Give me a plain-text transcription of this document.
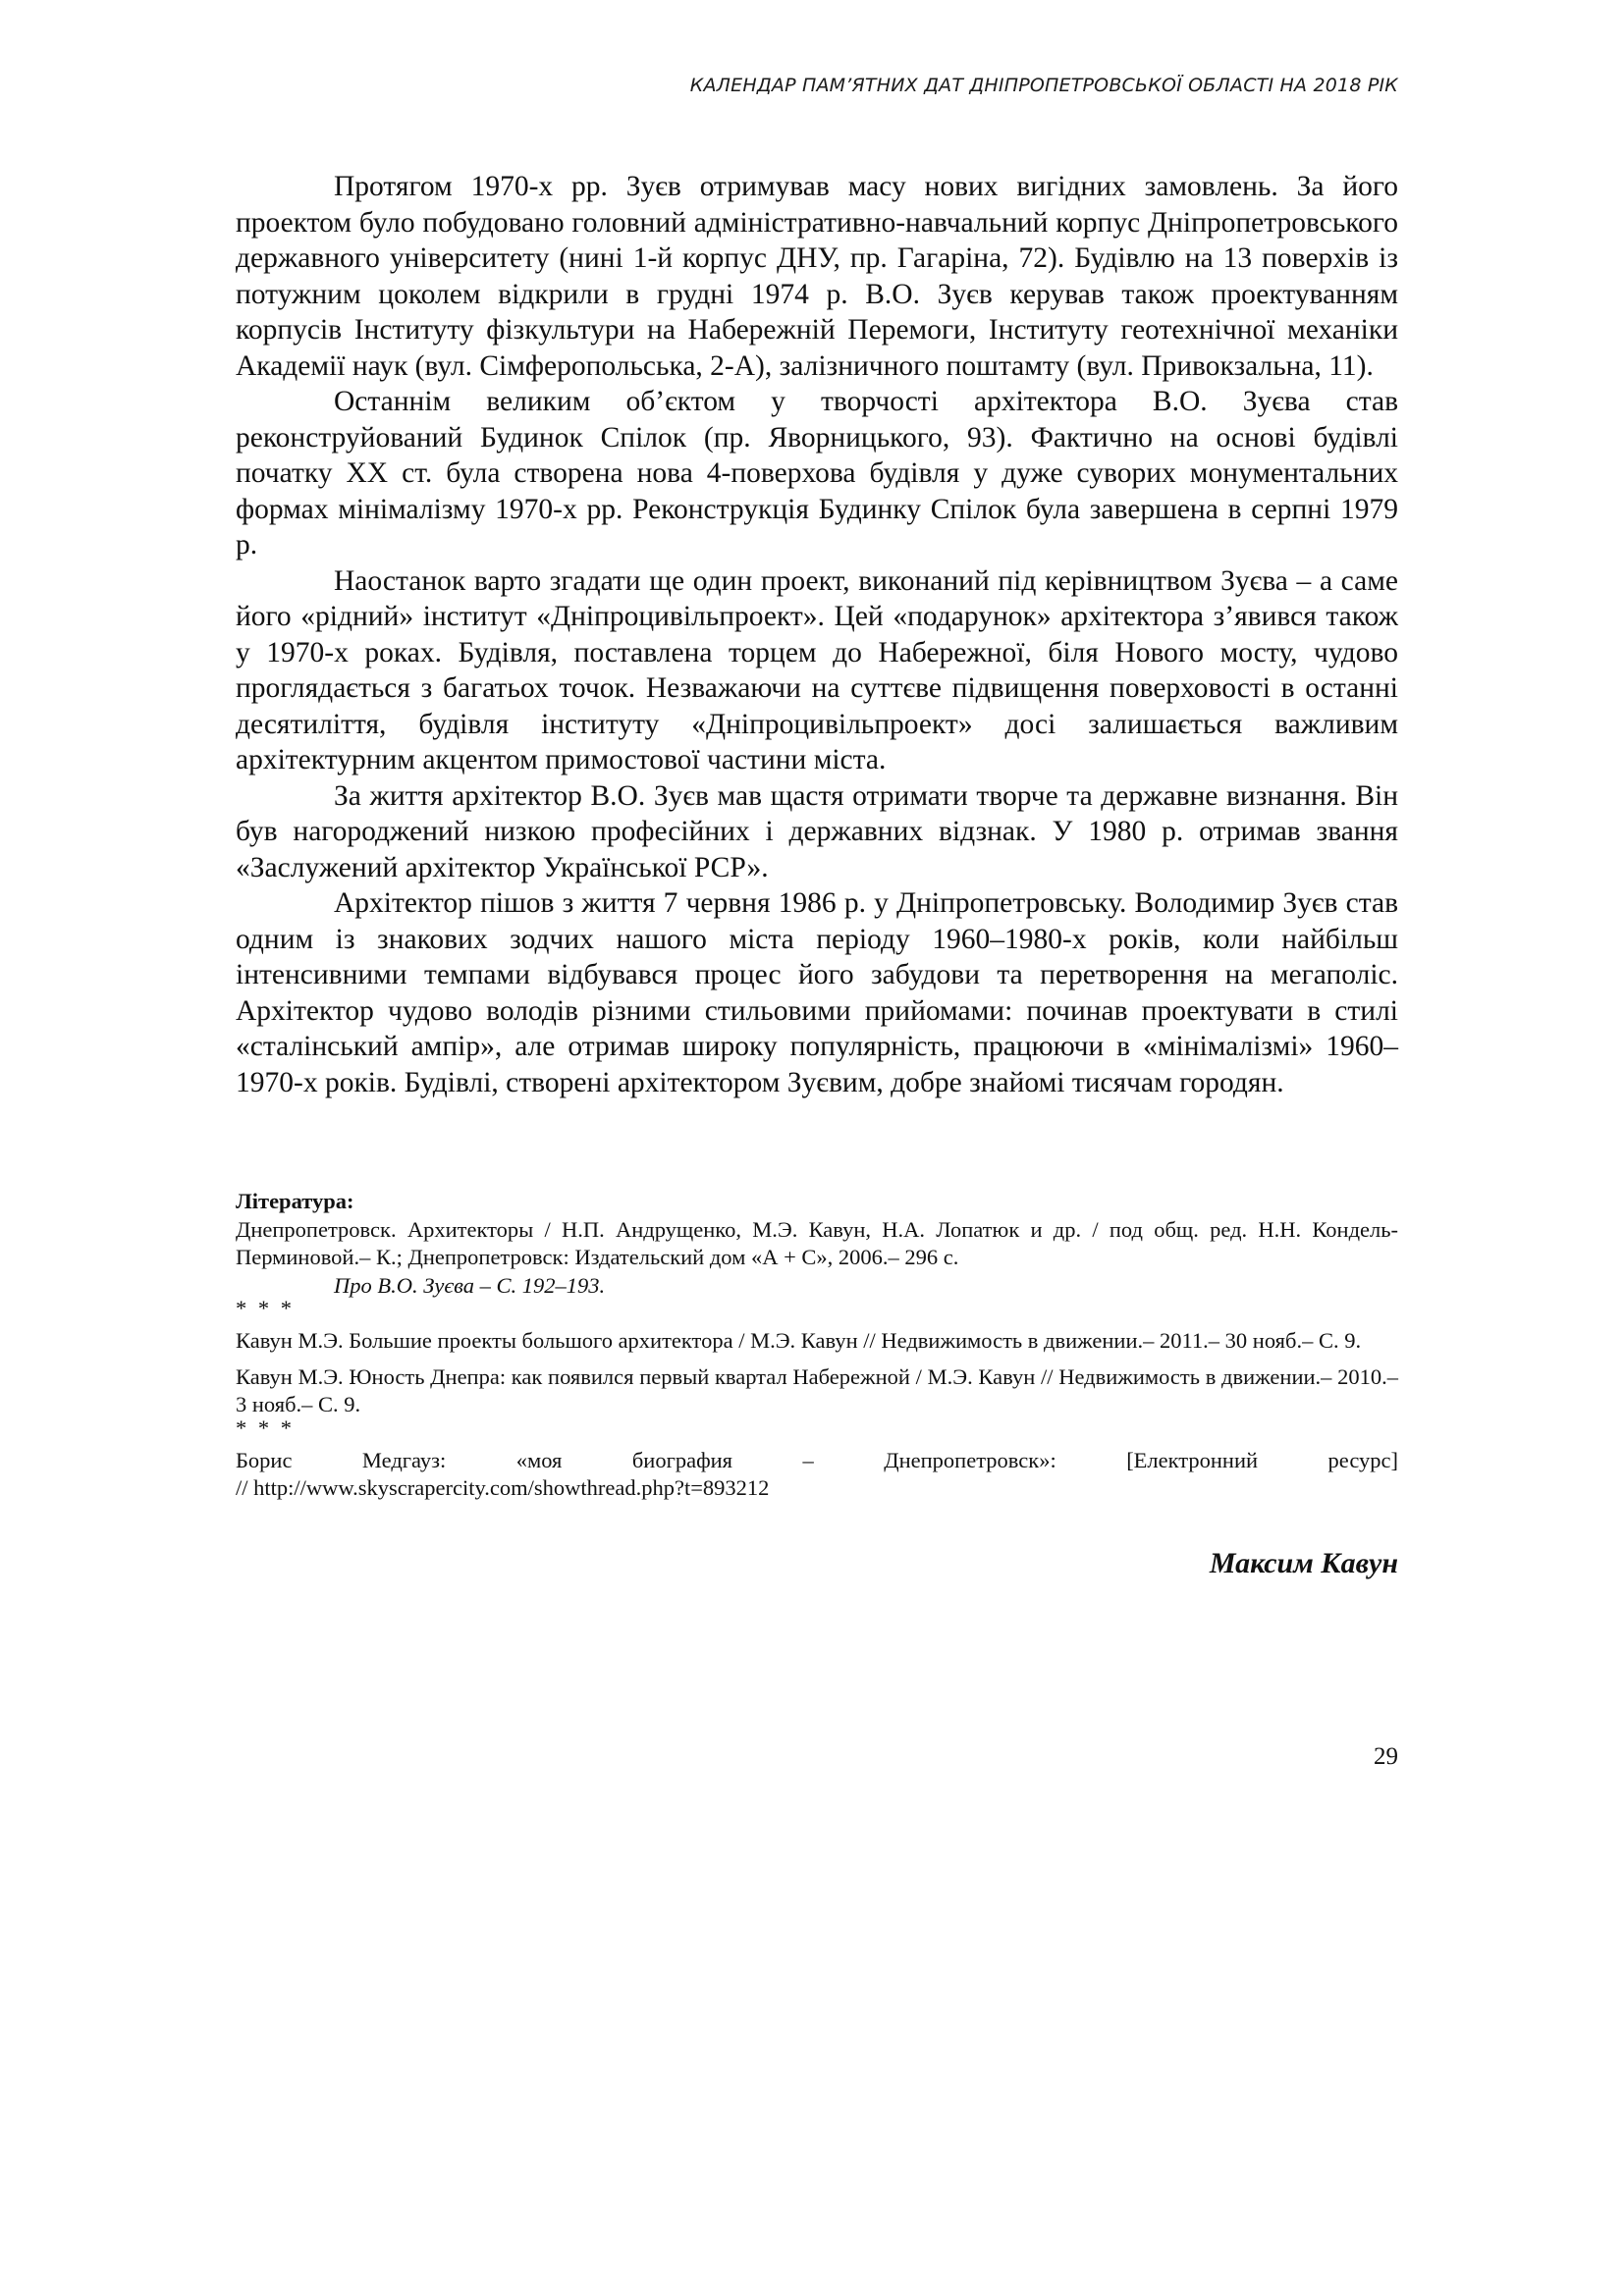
КАЛЕНДАР ПАМ’ЯТНИХ ДАТ ДНІПРОПЕТРОВСЬКОЇ ОБЛАСТІ НА 2018 РІК

Протягом 1970-х рр. Зуєв отримував масу нових вигідних замовлень. За його проектом було побудовано головний адміністративно-навчальний корпус Дніпропетровського державного університету (нині 1-й корпус ДНУ, пр. Гагаріна, 72). Будівлю на 13 поверхів із потужним цоколем відкрили в грудні 1974 р. В.О. Зуєв керував також проектуванням корпусів Інституту фізкультури на Набережній Перемоги, Інституту геотехнічної механіки Академії наук (вул. Сімферопольська, 2-А), залізничного поштамту (вул. Привокзальна, 11).

Останнім великим об’єктом у творчості архітектора В.О. Зуєва став реконструйований Будинок Спілок (пр. Яворницького, 93). Фактично на основі будівлі початку ХХ ст. була створена нова 4-поверхова будівля у дуже суворих монументальних формах мінімалізму 1970-х рр. Реконструкція Будинку Спілок була завершена в серпні 1979 р.

Наостанок варто згадати ще один проект, виконаний під керівництвом Зуєва – а саме його «рідний» інститут «Дніпроцивільпроект». Цей «подарунок» архітектора з’явився також у 1970-х роках. Будівля, поставлена торцем до Набережної, біля Нового мосту, чудово проглядається з багатьох точок. Незважаючи на суттєве підвищення поверховості в останні десятиліття, будівля інституту «Дніпроцивільпроект» досі залишається важливим архітектурним акцентом примостової частини міста.

За життя архітектор В.О. Зуєв мав щастя отримати творче та державне визнання. Він був нагороджений низкою професійних і державних відзнак. У 1980 р. отримав звання «Заслужений архітектор Української РСР».

Архітектор пішов з життя 7 червня 1986 р. у Дніпропетровську. Володимир Зуєв став одним із знакових зодчих нашого міста періоду 1960–1980-х років, коли найбільш інтенсивними темпами відбувався процес його забудови та перетворення на мегаполіс. Архітектор чудово володів різними стильовими прийомами: починав проектувати в стилі «сталінський ампір», але отримав широку популярність, працюючи в «мінімалізмі» 1960–1970-х років. Будівлі, створені архітектором Зуєвим, добре знайомі тисячам городян.

Література:

Днепропетровск. Архитекторы / Н.П. Андрущенко, М.Э. Кавун, Н.А. Лопатюк и др. / под общ. ред. Н.Н. Кондель-Перминовой.– К.; Днепропетровск: Издательский дом «А + С», 2006.– 296 с.

Про В.О. Зуєва – С. 192–193.

* * *

Кавун М.Э. Большие проекты большого архитектора / М.Э. Кавун // Недвижимость в движении.– 2011.– 30 нояб.– С. 9.

Кавун М.Э. Юность Днепра: как появился первый квартал Набережной / М.Э. Кавун // Недвижимость в движении.– 2010.– 3 нояб.– С. 9.

* * *

Борис Медгауз: «моя биография – Днепропетровск»: [Електронний ресурс]

// http://www.skyscrapercity.com/showthread.php?t=893212

Максим Кавун
29
